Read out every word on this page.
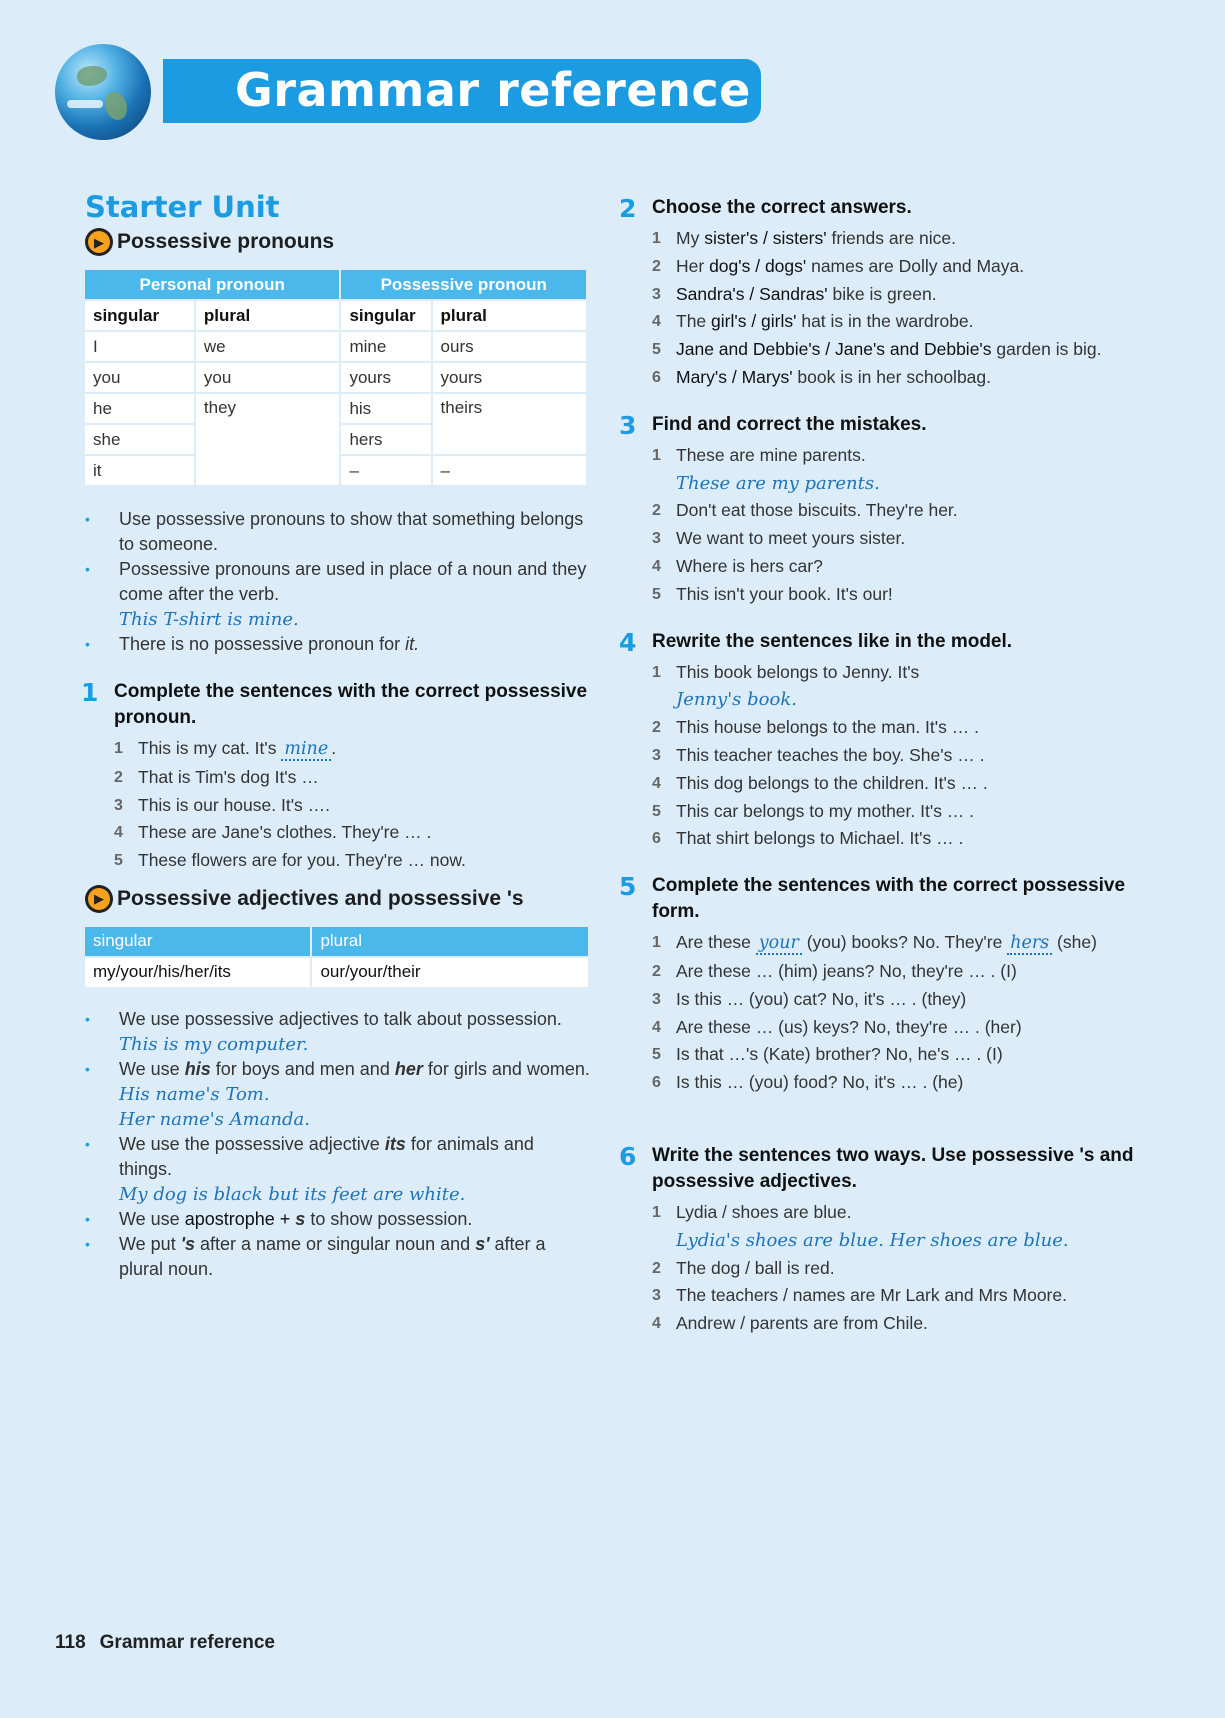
Grammar reference
Starter Unit
▶ Possessive pronouns
Personal pronoun		Possessive pronoun	
singular	plural	singular	plural
I	we	mine	ours
you	you	yours	yours
he	they	his	theirs
she		hers	
it		–	–
• Use possessive pronouns to show that something belongs to someone.
• Possessive pronouns are used in place of a noun and they come after the verb.
This T-shirt is mine.
• There is no possessive pronoun for it.
1 Complete the sentences with the correct possessive pronoun.
1 This is my cat. It's mine .
2 That is Tim's dog It's …
3 This is our house. It's ….
4 These are Jane's clothes. They're … .
5 These flowers are for you. They're … now.
▶ Possessive adjectives and possessive 's
singular	plural
my/your/his/her/its	our/your/their
• We use possessive adjectives to talk about possession.
This is my computer.
• We use his for boys and men and her for girls and women.
His name's Tom.
Her name's Amanda.
• We use the possessive adjective its for animals and things.
My dog is black but its feet are white.
• We use apostrophe + s to show possession.
• We put 's after a name or singular noun and s' after a plural noun.
2 Choose the correct answers.
1 My sister's / sisters' friends are nice.
2 Her dog's / dogs' names are Dolly and Maya.
3 Sandra's / Sandras' bike is green.
4 The girl's / girls' hat is in the wardrobe.
5 Jane and Debbie's / Jane's and Debbie's garden is big.
6 Mary's / Marys' book is in her schoolbag.
3 Find and correct the mistakes.
1 These are mine parents.
These are my parents.
2 Don't eat those biscuits. They're her.
3 We want to meet yours sister.
4 Where is hers car?
5 This isn't your book. It's our!
4 Rewrite the sentences like in the model.
1 This book belongs to Jenny. It's
Jenny's book.
2 This house belongs to the man. It's … .
3 This teacher teaches the boy. She's … .
4 This dog belongs to the children. It's … .
5 This car belongs to my mother. It's … .
6 That shirt belongs to Michael. It's … .
5 Complete the sentences with the correct possessive form.
1 Are these your (you) books? No. They're hers (she)
2 Are these … (him) jeans? No, they're … . (I)
3 Is this … (you) cat? No, it's … . (they)
4 Are these … (us) keys? No, they're … . (her)
5 Is that …'s (Kate) brother? No, he's … . (I)
6 Is this … (you) food? No, it's … . (he)
6 Write the sentences two ways. Use possessive 's and possessive adjectives.
1 Lydia / shoes are blue.
Lydia's shoes are blue. Her shoes are blue.
2 The dog / ball is red.
3 The teachers / names are Mr Lark and Mrs Moore.
4 Andrew / parents are from Chile.
118 Grammar reference
